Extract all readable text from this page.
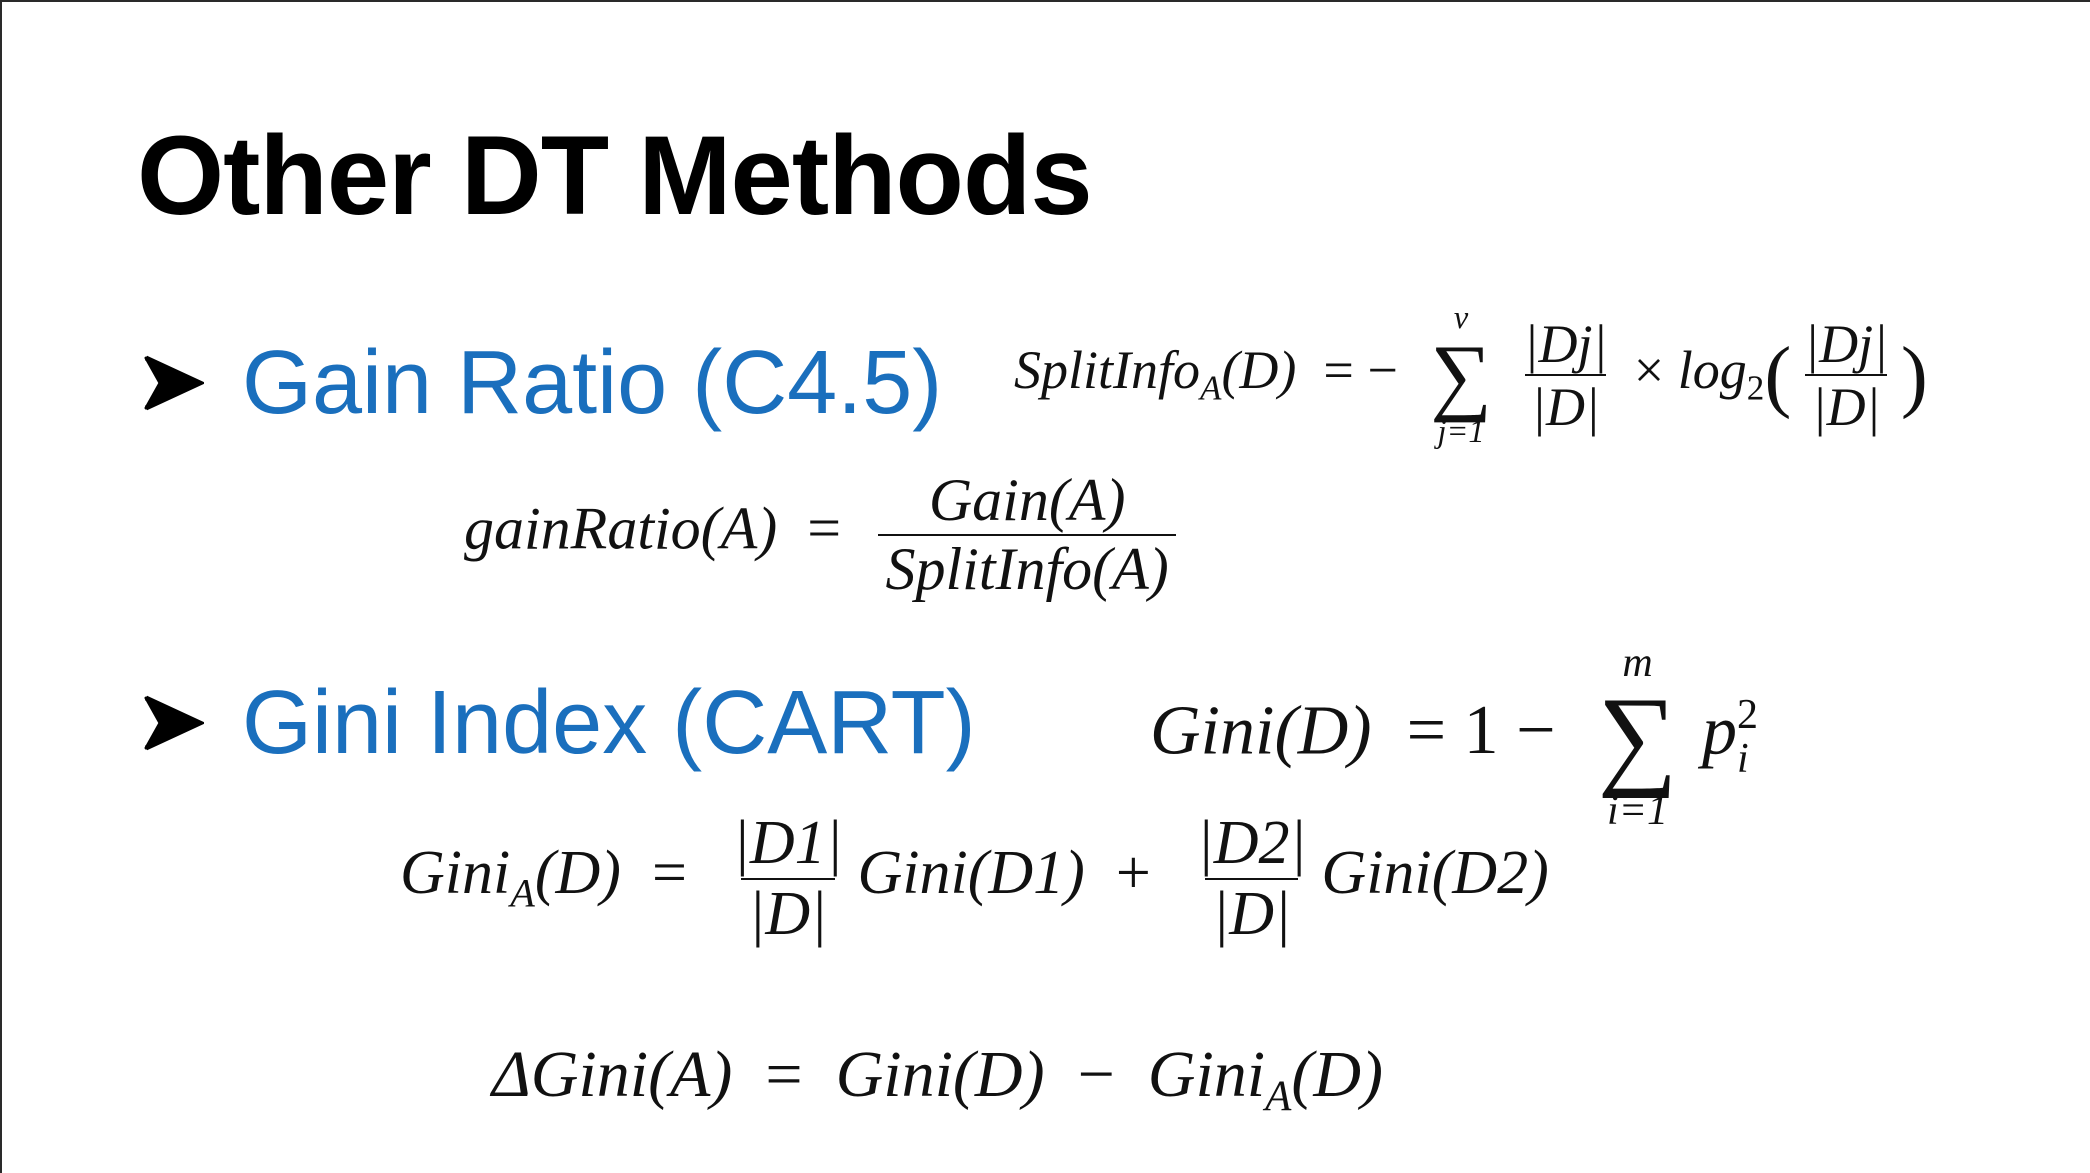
Other DT Methods
Gain Ratio (C4.5) SplitInfo$_A$(D) = −
v
∑
j=1
$\frac{|Dj|}{|D|} \times \log_2( \frac{|Dj|}{|D|}$ )
gainRatio(A) = $\frac{\text{Gain(A)}}{\text{SplitInfo(A)}}$
Gini Index (CART) Gini(D) = 1 −
m
∑
i=1
p 2
i
Gini$_A$(D) = $\frac{|D1|}{|D|}$ Gini(D1) + $\frac{|D2|}{|D|}$ Gini(D2)
ΔGini(A) = Gini(D) − Gini$_A$(D)
